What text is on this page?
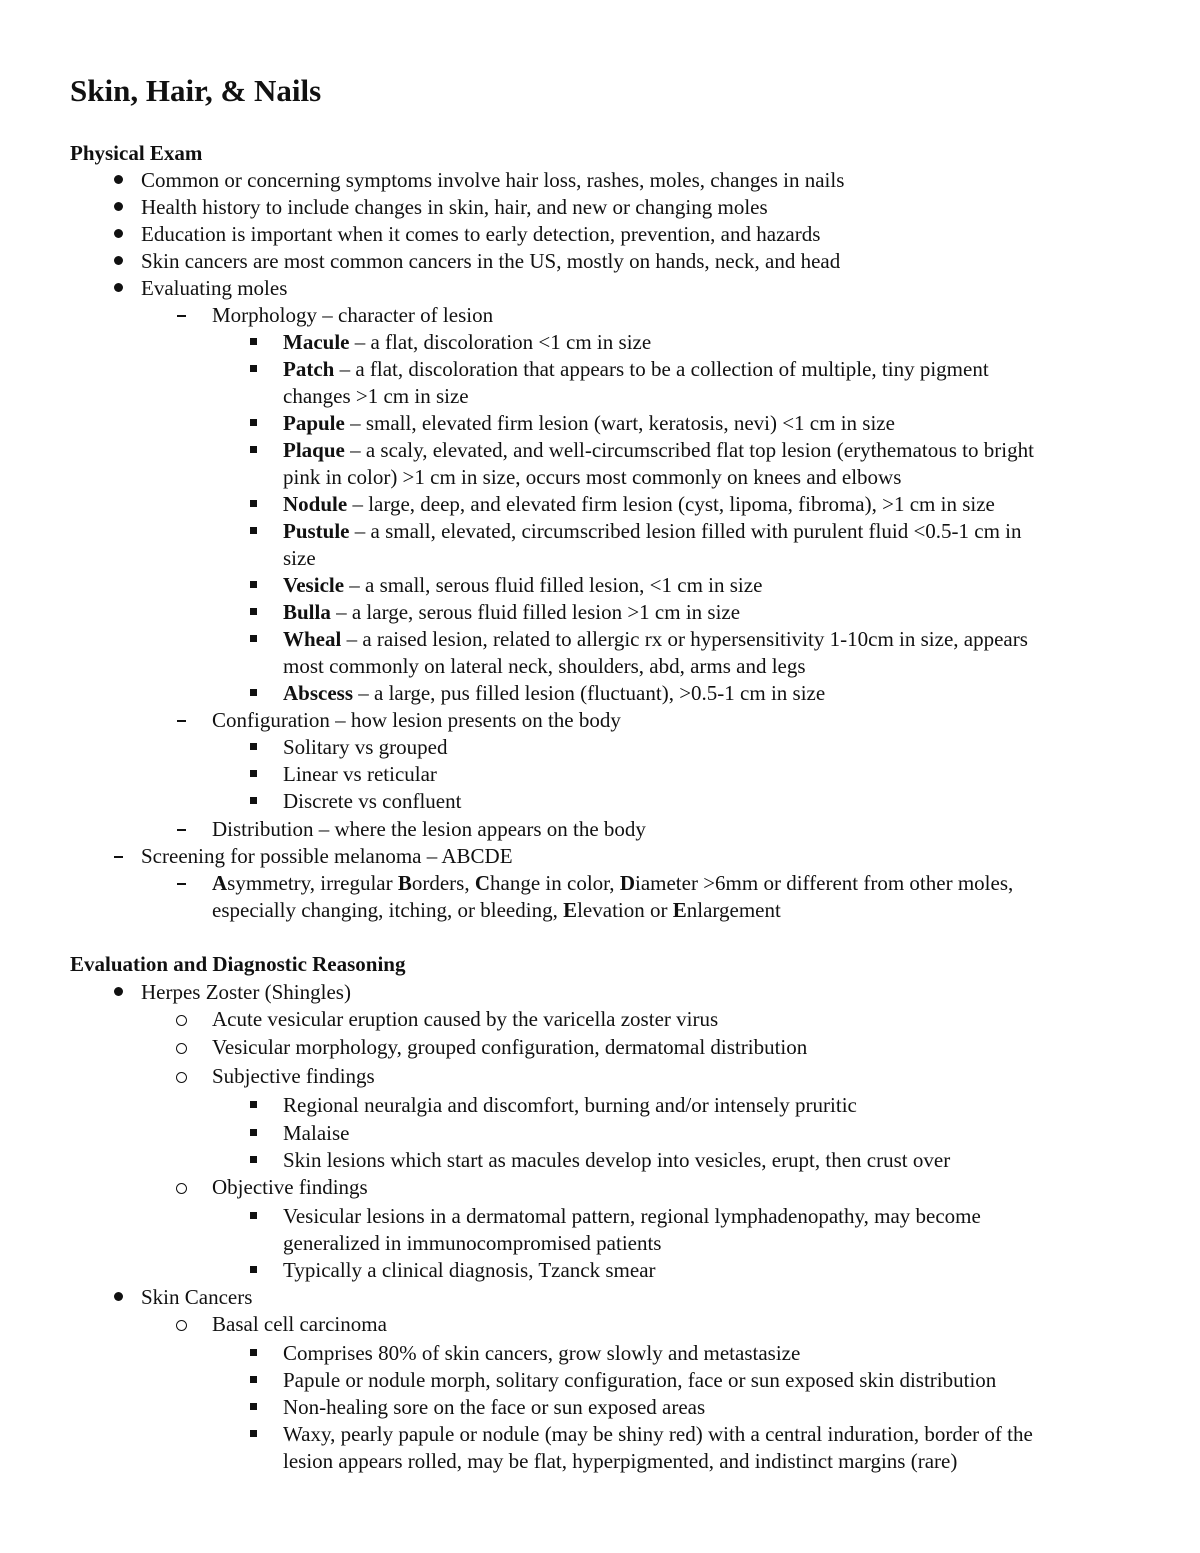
Skin, Hair, & Nails
Physical Exam
Common or concerning symptoms involve hair loss, rashes, moles, changes in nails
Health history to include changes in skin, hair, and new or changing moles
Education is important when it comes to early detection, prevention, and hazards
Skin cancers are most common cancers in the US, mostly on hands, neck, and head
Evaluating moles
Morphology – character of lesion
Macule – a flat, discoloration <1 cm in size
Patch – a flat, discoloration that appears to be a collection of multiple, tiny pigment
changes >1 cm in size
Papule – small, elevated firm lesion (wart, keratosis, nevi) <1 cm in size
Plaque – a scaly, elevated, and well-circumscribed flat top lesion (erythematous to bright
pink in color) >1 cm in size, occurs most commonly on knees and elbows
Nodule – large, deep, and elevated firm lesion (cyst, lipoma, fibroma), >1 cm in size
Pustule – a small, elevated, circumscribed lesion filled with purulent fluid <0.5-1 cm in
size
Vesicle – a small, serous fluid filled lesion, <1 cm in size
Bulla – a large, serous fluid filled lesion >1 cm in size
Wheal – a raised lesion, related to allergic rx or hypersensitivity 1-10cm in size, appears
most commonly on lateral neck, shoulders, abd, arms and legs
Abscess – a large, pus filled lesion (fluctuant), >0.5-1 cm in size
Configuration – how lesion presents on the body
Solitary vs grouped
Linear vs reticular
Discrete vs confluent
Distribution – where the lesion appears on the body
Screening for possible melanoma – ABCDE
Asymmetry, irregular Borders, Change in color, Diameter >6mm or different from other moles,
especially changing, itching, or bleeding, Elevation or Enlargement
Evaluation and Diagnostic Reasoning
Herpes Zoster (Shingles)
Acute vesicular eruption caused by the varicella zoster virus
Vesicular morphology, grouped configuration, dermatomal distribution
Subjective findings
Regional neuralgia and discomfort, burning and/or intensely pruritic
Malaise
Skin lesions which start as macules develop into vesicles, erupt, then crust over
Objective findings
Vesicular lesions in a dermatomal pattern, regional lymphadenopathy, may become
generalized in immunocompromised patients
Typically a clinical diagnosis, Tzanck smear
Skin Cancers
Basal cell carcinoma
Comprises 80% of skin cancers, grow slowly and metastasize
Papule or nodule morph, solitary configuration, face or sun exposed skin distribution
Non-healing sore on the face or sun exposed areas
Waxy, pearly papule or nodule (may be shiny red) with a central induration, border of the
lesion appears rolled, may be flat, hyperpigmented, and indistinct margins (rare)
